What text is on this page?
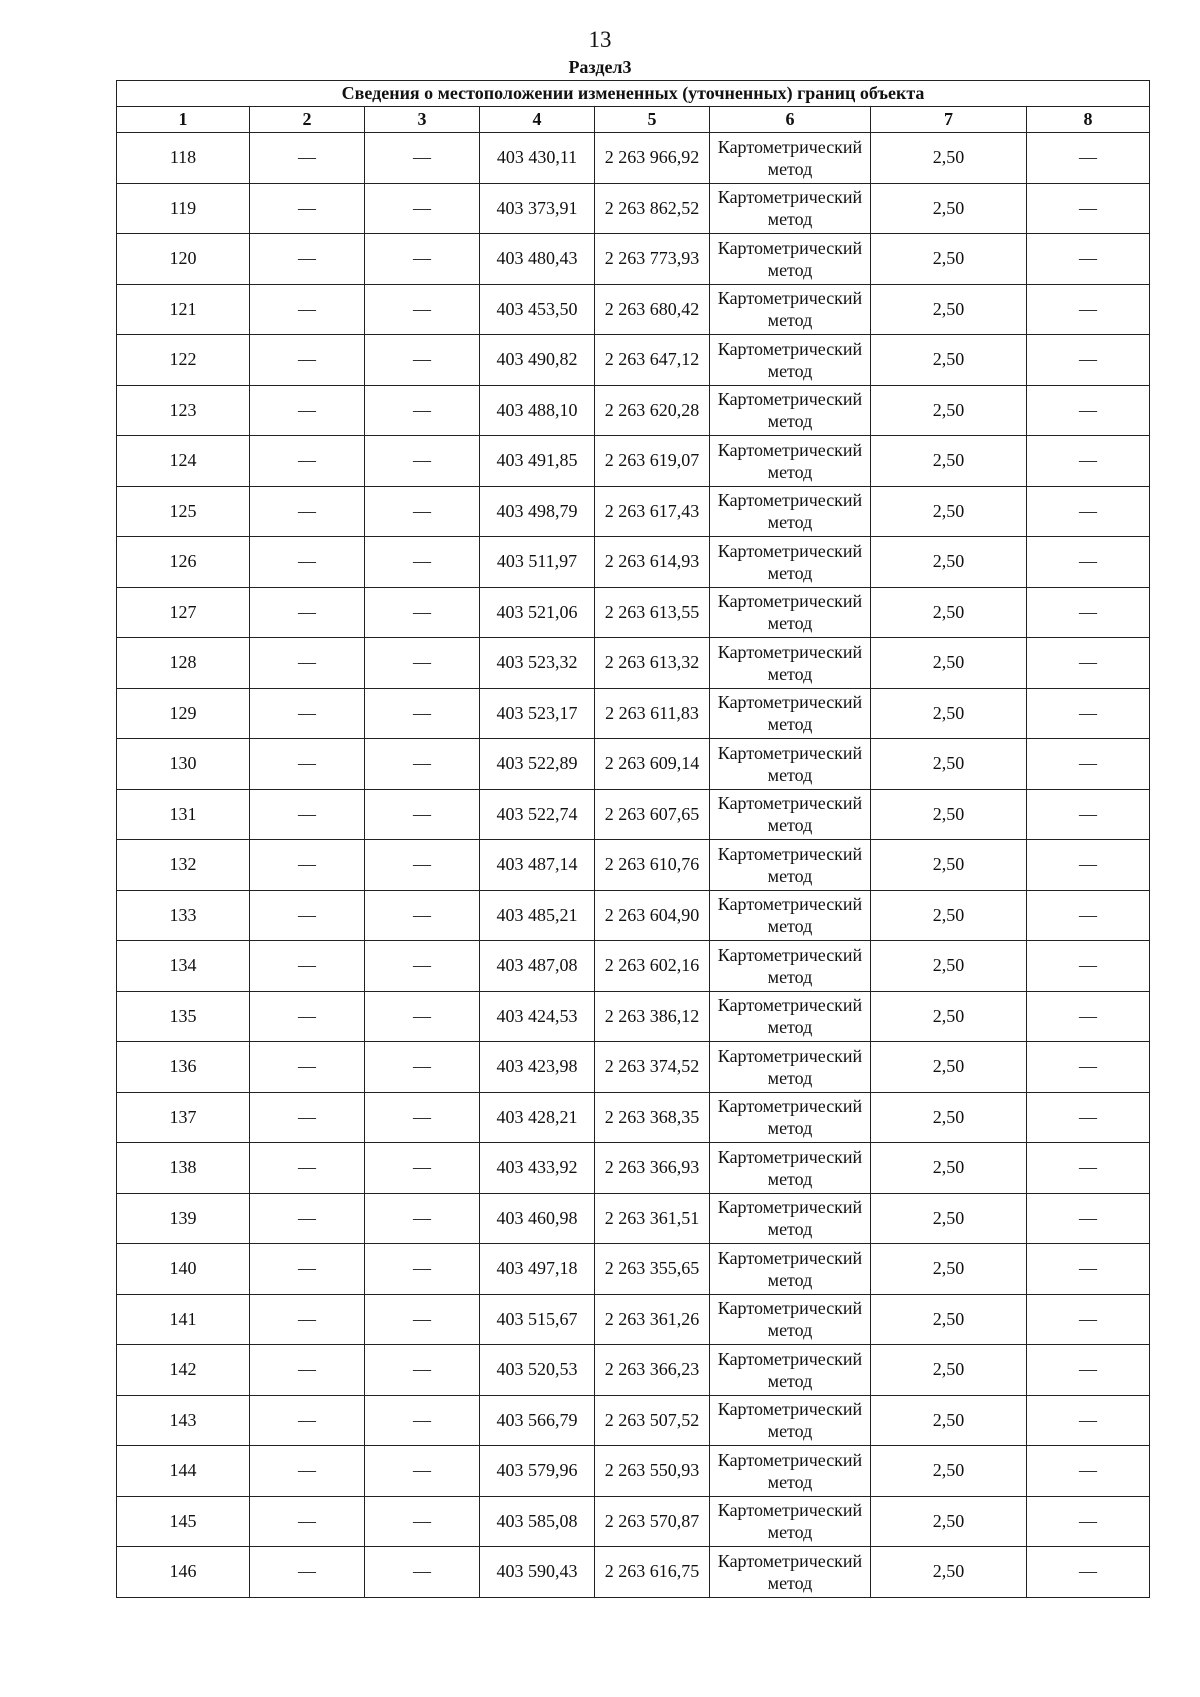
13
Раздел3
Сведения о местоположении измененных (уточненных) границ объекта							
1	2	3	4	5	6	7	8
118	—	—	403 430,11	2 263 966,92	Картометрический метод	2,50	—
119	—	—	403 373,91	2 263 862,52	Картометрический метод	2,50	—
120	—	—	403 480,43	2 263 773,93	Картометрический метод	2,50	—
121	—	—	403 453,50	2 263 680,42	Картометрический метод	2,50	—
122	—	—	403 490,82	2 263 647,12	Картометрический метод	2,50	—
123	—	—	403 488,10	2 263 620,28	Картометрический метод	2,50	—
124	—	—	403 491,85	2 263 619,07	Картометрический метод	2,50	—
125	—	—	403 498,79	2 263 617,43	Картометрический метод	2,50	—
126	—	—	403 511,97	2 263 614,93	Картометрический метод	2,50	—
127	—	—	403 521,06	2 263 613,55	Картометрический метод	2,50	—
128	—	—	403 523,32	2 263 613,32	Картометрический метод	2,50	—
129	—	—	403 523,17	2 263 611,83	Картометрический метод	2,50	—
130	—	—	403 522,89	2 263 609,14	Картометрический метод	2,50	—
131	—	—	403 522,74	2 263 607,65	Картометрический метод	2,50	—
132	—	—	403 487,14	2 263 610,76	Картометрический метод	2,50	—
133	—	—	403 485,21	2 263 604,90	Картометрический метод	2,50	—
134	—	—	403 487,08	2 263 602,16	Картометрический метод	2,50	—
135	—	—	403 424,53	2 263 386,12	Картометрический метод	2,50	—
136	—	—	403 423,98	2 263 374,52	Картометрический метод	2,50	—
137	—	—	403 428,21	2 263 368,35	Картометрический метод	2,50	—
138	—	—	403 433,92	2 263 366,93	Картометрический метод	2,50	—
139	—	—	403 460,98	2 263 361,51	Картометрический метод	2,50	—
140	—	—	403 497,18	2 263 355,65	Картометрический метод	2,50	—
141	—	—	403 515,67	2 263 361,26	Картометрический метод	2,50	—
142	—	—	403 520,53	2 263 366,23	Картометрический метод	2,50	—
143	—	—	403 566,79	2 263 507,52	Картометрический метод	2,50	—
144	—	—	403 579,96	2 263 550,93	Картометрический метод	2,50	—
145	—	—	403 585,08	2 263 570,87	Картометрический метод	2,50	—
146	—	—	403 590,43	2 263 616,75	Картометрический метод	2,50	—
